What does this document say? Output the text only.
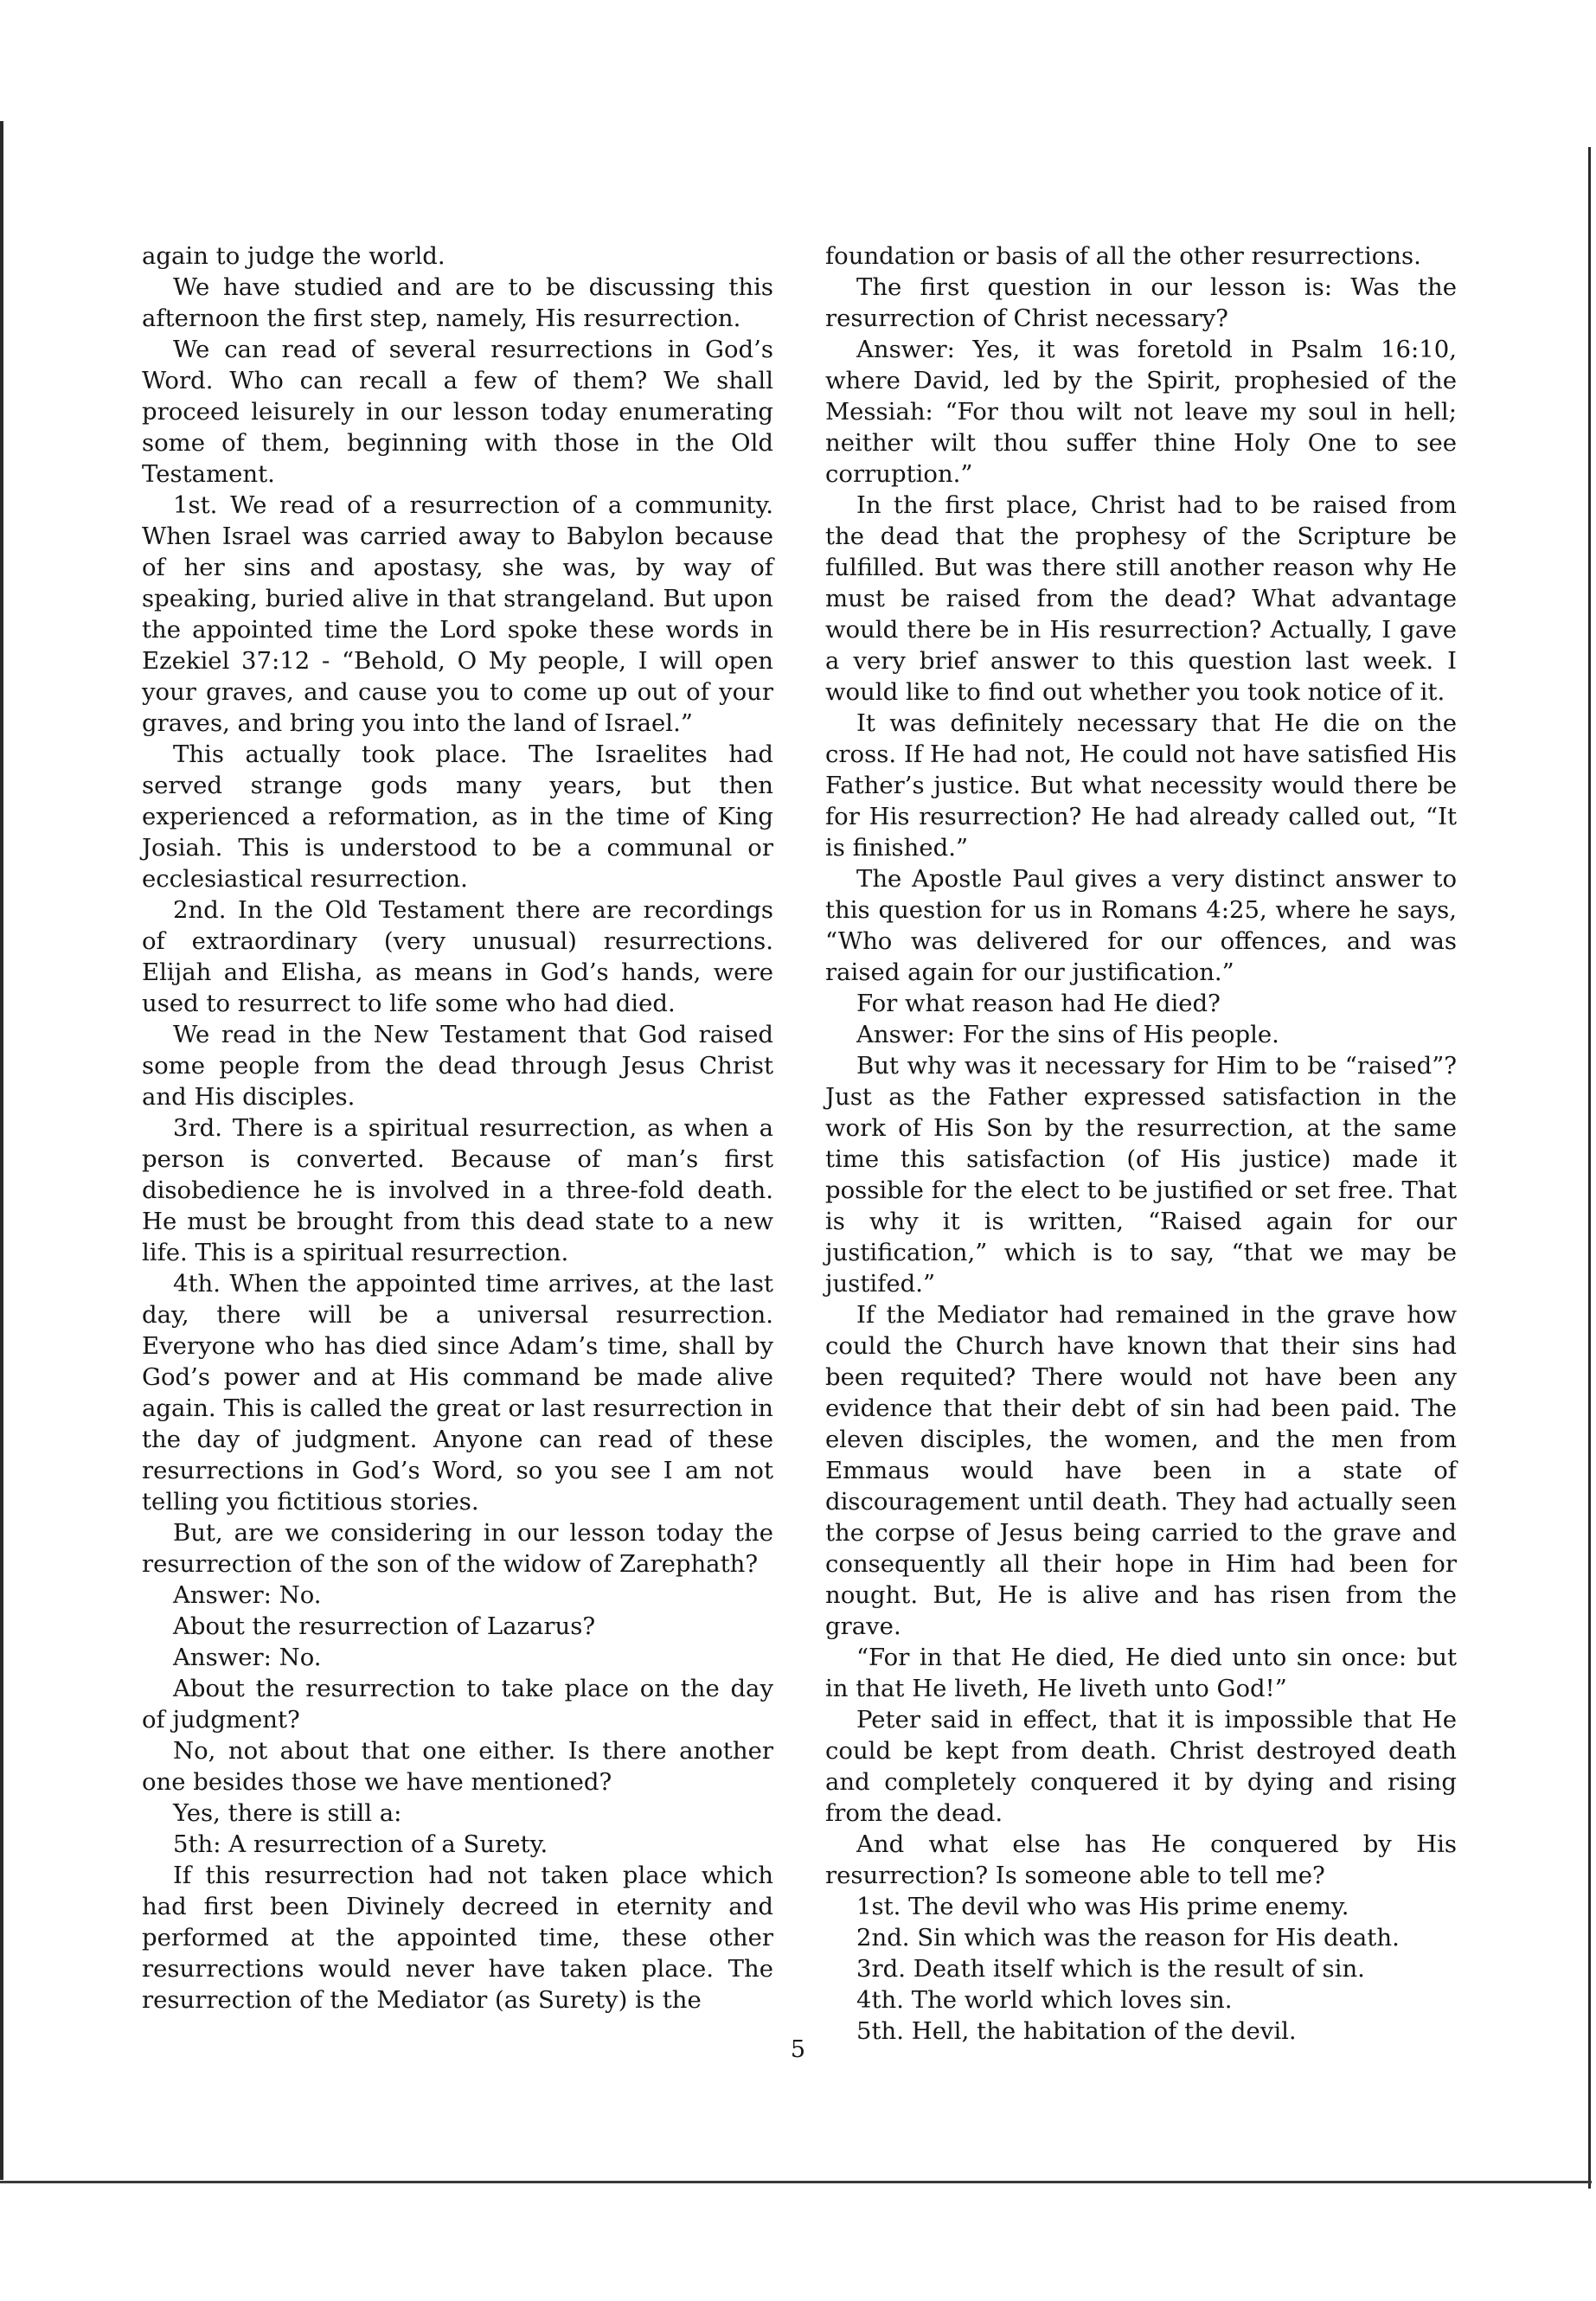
again to judge the world.

We have studied and are to be discussing this afternoon the first step, namely, His resurrection.

We can read of several resurrections in God’s Word. Who can recall a few of them? We shall proceed leisurely in our lesson today enumerating some of them, beginning with those in the Old Testament.

1st. We read of a resurrection of a community. When Israel was carried away to Babylon because of her sins and apostasy, she was, by way of speaking, buried alive in that strangeland. But upon the appointed time the Lord spoke these words in Ezekiel 37:12 - “Behold, O My people, I will open your graves, and cause you to come up out of your graves, and bring you into the land of Israel.”

This actually took place. The Israelites had served strange gods many years, but then experienced a reformation, as in the time of King Josiah. This is understood to be a communal or ecclesiastical resurrection.

2nd. In the Old Testament there are recordings of extraordinary (very unusual) resurrections. Elijah and Elisha, as means in God’s hands, were used to resurrect to life some who had died.

We read in the New Testament that God raised some people from the dead through Jesus Christ and His disciples.

3rd. There is a spiritual resurrection, as when a person is converted. Because of man’s first disobedience he is involved in a three-fold death. He must be brought from this dead state to a new life. This is a spiritual resurrection.

4th. When the appointed time arrives, at the last day, there will be a universal resurrection. Everyone who has died since Adam’s time, shall by God’s power and at His command be made alive again. This is called the great or last resurrection in the day of judgment. Anyone can read of these resurrections in God’s Word, so you see I am not telling you fictitious stories.

But, are we considering in our lesson today the resurrection of the son of the widow of Zarephath?

Answer: No.

About the resurrection of Lazarus?

Answer: No.

About the resurrection to take place on the day of judgment?

No, not about that one either. Is there another one besides those we have mentioned?

Yes, there is still a:

5th: A resurrection of a Surety.

If this resurrection had not taken place which had first been Divinely decreed in eternity and performed at the appointed time, these other resurrections would never have taken place. The resurrection of the Mediator (as Surety) is the

foundation or basis of all the other resurrections.

The first question in our lesson is: Was the resurrection of Christ necessary?

Answer: Yes, it was foretold in Psalm 16:10, where David, led by the Spirit, prophesied of the Messiah: “For thou wilt not leave my soul in hell; neither wilt thou suffer thine Holy One to see corruption.”

In the first place, Christ had to be raised from the dead that the prophesy of the Scripture be fulfilled. But was there still another reason why He must be raised from the dead? What advantage would there be in His resurrection? Actually, I gave a very brief answer to this question last week. I would like to find out whether you took notice of it.

It was definitely necessary that He die on the cross. If He had not, He could not have satisfied His Father’s justice. But what necessity would there be for His resurrection? He had already called out, “It is finished.”

The Apostle Paul gives a very distinct answer to this question for us in Romans 4:25, where he says, “Who was delivered for our offences, and was raised again for our justification.”

For what reason had He died?

Answer: For the sins of His people.

But why was it necessary for Him to be “raised”? Just as the Father expressed satisfaction in the work of His Son by the resurrection, at the same time this satisfaction (of His justice) made it possible for the elect to be justified or set free. That is why it is written, “Raised again for our justification,” which is to say, “that we may be justifed.”

If the Mediator had remained in the grave how could the Church have known that their sins had been requited? There would not have been any evidence that their debt of sin had been paid. The eleven disciples, the women, and the men from Emmaus would have been in a state of discouragement until death. They had actually seen the corpse of Jesus being carried to the grave and consequently all their hope in Him had been for nought. But, He is alive and has risen from the grave.

“For in that He died, He died unto sin once: but in that He liveth, He liveth unto God!”

Peter said in effect, that it is impossible that He could be kept from death. Christ destroyed death and completely conquered it by dying and rising from the dead.

And what else has He conquered by His resurrection? Is someone able to tell me?

1st. The devil who was His prime enemy.

2nd. Sin which was the reason for His death.

3rd. Death itself which is the result of sin.

4th. The world which loves sin.

5th. Hell, the habitation of the devil.

5
